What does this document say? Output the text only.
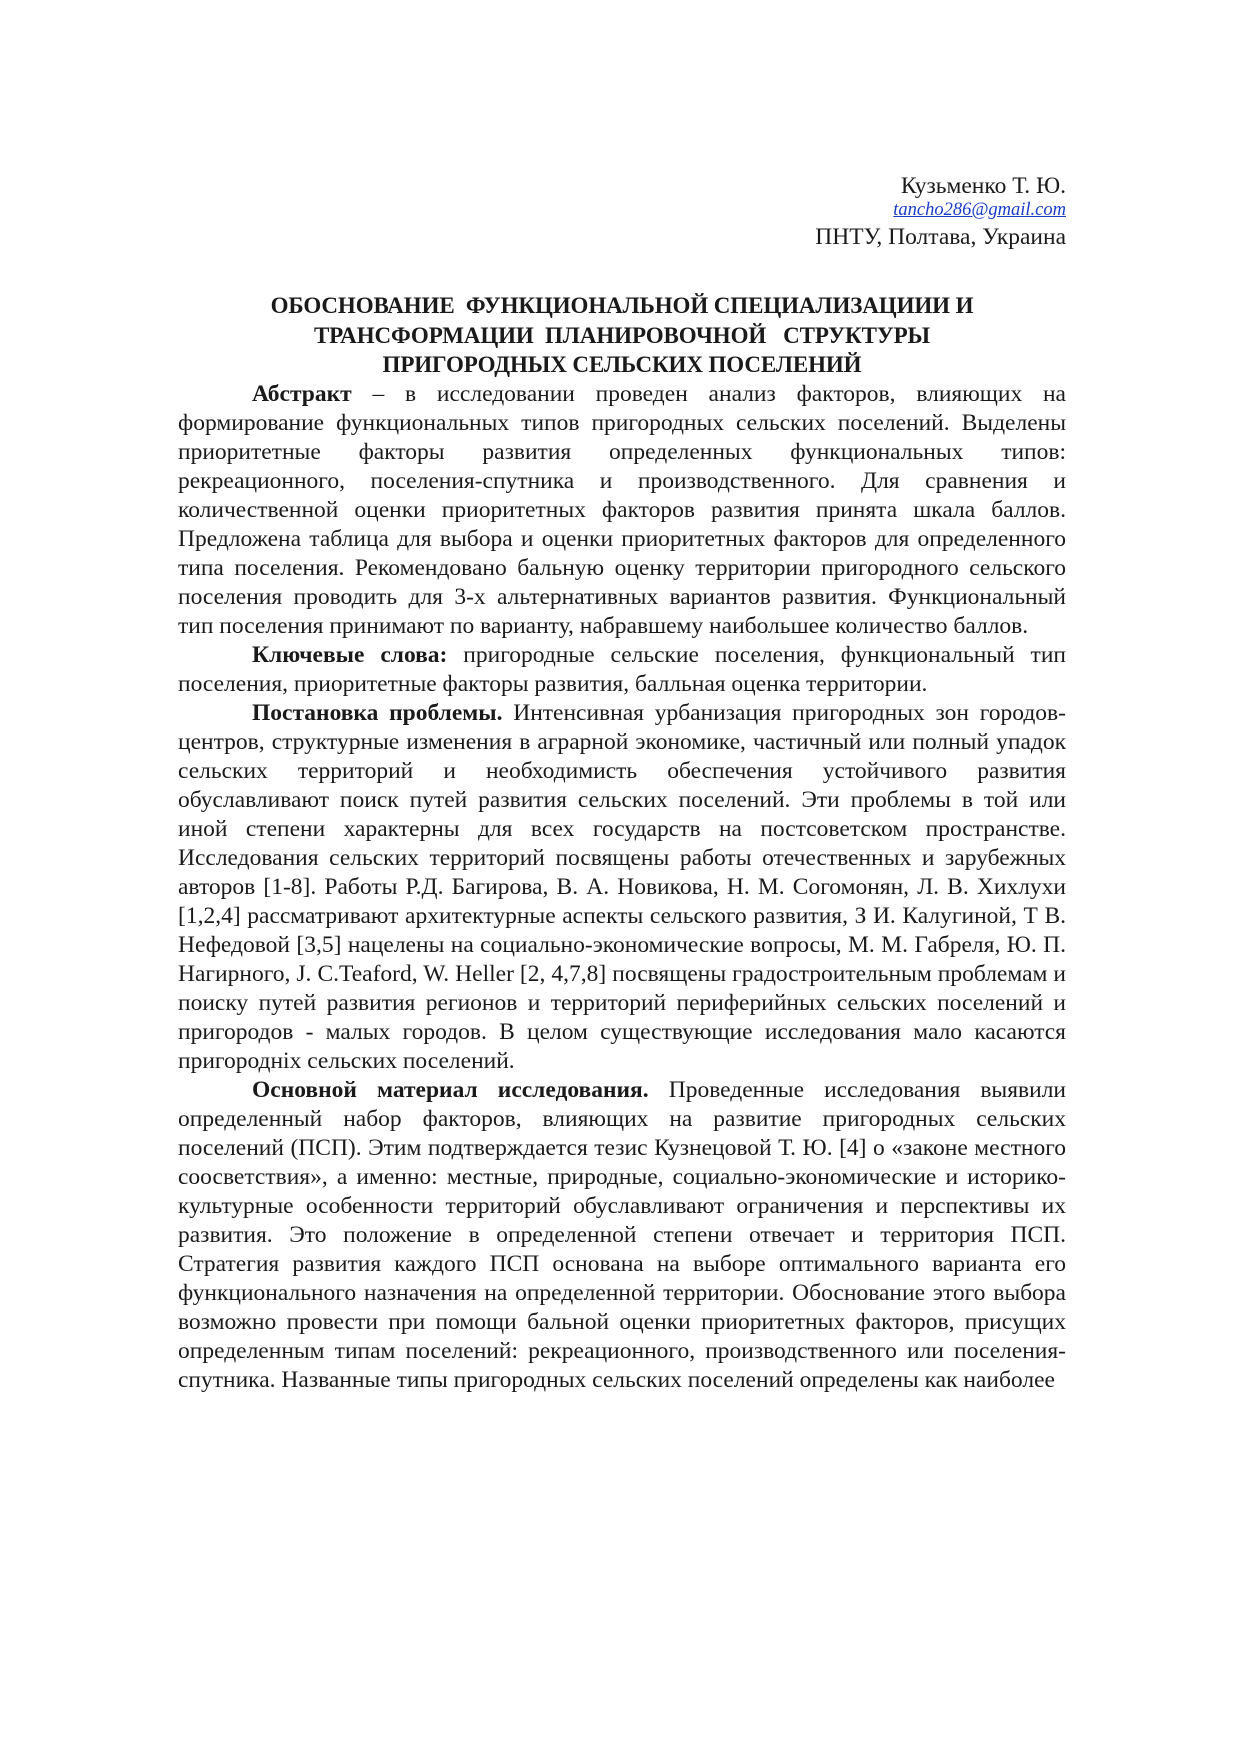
Кузьменко Т. Ю.
tancho286@gmail.com
ПНТУ, Полтава, Украина
ОБОСНОВАНИЕ  ФУНКЦИОНАЛЬНОЙ СПЕЦИАЛИЗАЦИИИ И
ТРАНСФОРМАЦИИ  ПЛАНИРОВОЧНОЙ   СТРУКТУРЫ
ПРИГОРОДНЫХ СЕЛЬСКИХ ПОСЕЛЕНИЙ

Абстракт – в исследовании проведен анализ факторов, влияющих на формирование функциональных типов пригородных сельских поселений. Выделены приоритетные факторы развития определенных функциональных типов: рекреационного, поселения-спутника и производственного. Для сравнения и количественной оценки приоритетных факторов развития принята шкала баллов. Предложена таблица для выбора и оценки приоритетных факторов для определенного типа поселения. Рекомендовано бальную оценку территории пригородного сельского поселения проводить для 3-х альтернативных вариантов развития. Функциональный тип поселения принимают по варианту, набравшему наибольшее количество баллов.

Ключевые слова: пригородные сельские поселения, функциональный тип поселения, приоритетные факторы развития, балльная оценка территории.

Постановка проблемы. Интенсивная урбанизация пригородных зон городов-центров, структурные изменения в аграрной экономике, частичный или полный упадок сельских территорий и необходимисть обеспечения устойчивого развития обуславливают поиск путей развития сельских поселений. Эти проблемы в той или иной степени характерны для всех государств на постсоветском пространстве. Исследования сельских территорий посвящены работы отечественных и зарубежных авторов [1-8]. Работы Р.Д. Багирова, В. А. Новикова, Н. М. Согомонян, Л. В. Хихлухи [1,2,4] рассматривают архитектурные аспекты сельского развития, З И. Калугиной, Т В. Нефедовой [3,5] нацелены на социально-экономические вопросы, М. М. Габреля, Ю. П. Нагирного, J. C.Teaford, W. Heller [2, 4,7,8] посвящены градостроительным проблемам и поиску путей развития регионов и территорий периферийных сельских поселений и пригородов - малых городов. В целом существующие исследования мало касаются пригородніх сельских поселений.

Основной материал исследования. Проведенные исследования выявили определенный набор факторов, влияющих на развитие пригородных сельских поселений (ПСП). Этим подтверждается тезис Кузнецовой Т. Ю. [4] о «законе местного соосветствия», а именно: местные, природные, социально-экономические и историко-культурные особенности территорий обуславливают ограничения и перспективы их развития. Это положение в определенной степени отвечает и территория ПСП. Стратегия развития каждого ПСП основана на выборе оптимального варианта его функционального назначения на определенной территории. Обоснование этого выбора возможно провести при помощи бальной оценки приоритетных факторов, присущих определенным типам поселений: рекреационного, производственного или поселения-спутника. Названные типы пригородных сельских поселений определены как наиболее
